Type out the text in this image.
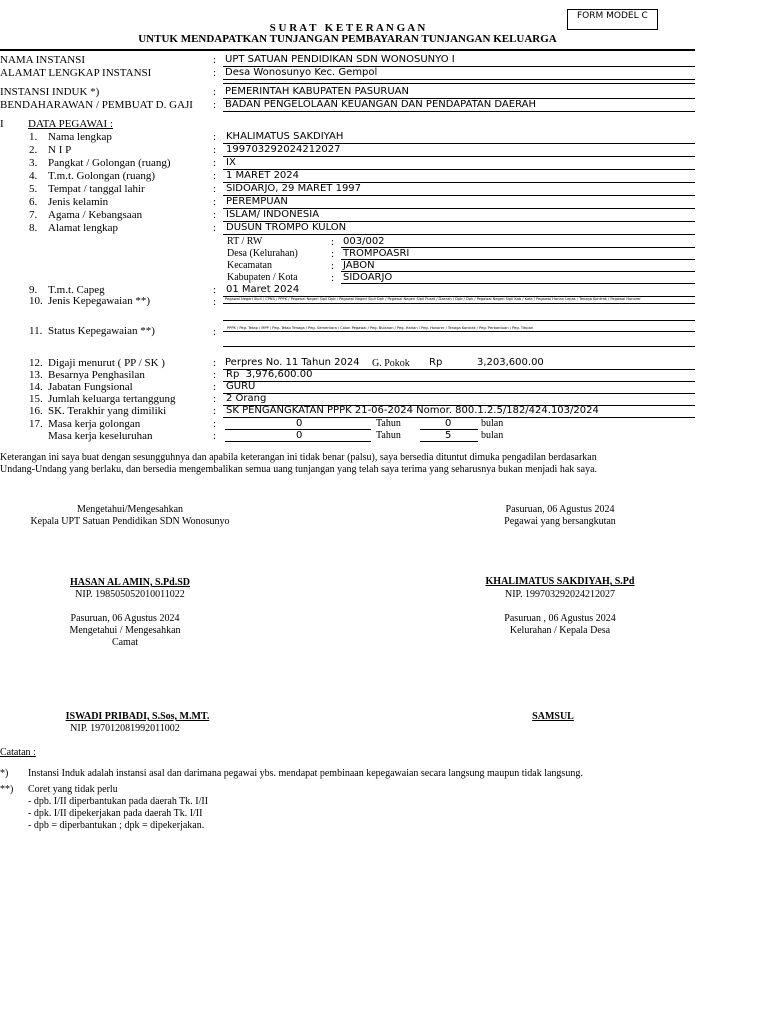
FORM MODEL C
S U R A T   K E T E R A N G A N
UNTUK MENDAPATKAN TUNJANGAN PEMBAYARAN TUNJANGAN KELUARGA
NAMA INSTANSI	: UPT SATUAN PENDIDIKAN SDN WONOSUNYO I
ALAMAT LENGKAP INSTANSI	: Desa Wonosunyo Kec. Gempol
INSTANSI INDUK *)	: PEMERINTAH KABUPATEN PASURUAN
BENDAHARAWAN / PEMBUAT D. GAJI : BADAN PENGELOLAAN KEUANGAN DAN PENDAPATAN DAERAH
I DATA PEGAWAI :
1. Nama lengkap	: KHALIMATUS SAKDIYAH
2. N I P	: 199703292024212027
3. Pangkat / Golongan (ruang)	: IX
4. T.m.t. Golongan (ruang)	: 1 MARET 2024
5. Tempat / tanggal lahir	: SIDOARJO, 29 MARET 1997
6. Jenis kelamin	: PEREMPUAN
7. Agama / Kebangsaan	: ISLAM/ INDONESIA
8. Alamat lengkap	: DUSUN TROMPO KULON
RT / RW	: 003/002
Desa (Kelurahan)	: TROMPOASRI
Kecamatan	: JABON
Kabupaten / Kota	: SIDOARJO
9. T.m.t. Capeg	: 01 Maret 2024
10. Jenis Kepegawaian **)	: Pegawai Negeri Sipil / CPNS / PPPK / Pegawai Negeri Sipil Dpb / Pegawai Negeri Sipil Dpk / Pegawai Negeri Sipil Pusat / Daerah / Dpb / Dpk / Pegawai Negeri Sipil Kab / Kota / Pegawai Harian Lepas / Tenaga Kontrak / Pegawai Honorer
11. Status Kepegawaian **)	:	PPPK / Peg. Tetap / MPP / Peg. Tetap Tenaga / Peg. Sementara / Calon Pegawai / Peg. Bulanan / Peg. Harian / Peg. Honorer / Tenaga Kontrak / Peg. Perbantuan / Peg. Titipan
12. Digaji menurut ( PP / SK )	: Perpres No. 11 Tahun 2024	G. Pokok Rp	3,203,600.00
13. Besarnya Penghasilan	: Rp  3,976,600.00
14. Jabatan Fungsional	: GURU
15. Jumlah keluarga tertanggung	: 2 Orang
16. SK. Terakhir yang dimiliki	: SK PENGANGKATAN PPPK 21-06-2024 Nomor. 800.1.2.5/182/424.103/2024
17. Masa kerja golongan	:	0	Tahun	0	bulan
Masa kerja keseluruhan	:	0	Tahun	5	bulan
Keterangan ini saya buat dengan sesungguhnya dan apabila keterangan ini tidak benar (palsu), saya bersedia dituntut dimuka pengadilan berdasarkan
Undang-Undang yang berlaku, dan bersedia mengembalikan semua uang tunjangan yang telah saya terima yang seharusnya bukan menjadi hak saya.
Mengetahui/Mengesahkan
Kepala UPT Satuan Pendidikan SDN Wonosunyo
Pasuruan, 06 Agustus 2024
Pegawai yang bersangkutan
HASAN AL AMIN, S.Pd.SD
NIP. 198505052010011022
KHALIMATUS SAKDIYAH, S.Pd
NIP. 199703292024212027
Pasuruan, 06 Agustus 2024
Mengetahui / Mengesahkan
Camat
Pasuruan , 06 Agustus 2024
Kelurahan / Kepala Desa
ISWADI PRIBADI, S.Sos, M.MT.
NIP. 197012081992011002
SAMSUL
Catatan :
*) Instansi Induk adalah instansi asal dan darimana pegawai ybs. mendapat pembinaan kepegawaian secara langsung maupun tidak langsung.
**) Coret yang tidak perlu
- dpb. I/II diperbantukan pada daerah Tk. I/II
- dpk. I/II dipekerjakan pada daerah Tk. I/II
- dpb = diperbantukan ; dpk = dipekerjakan.
